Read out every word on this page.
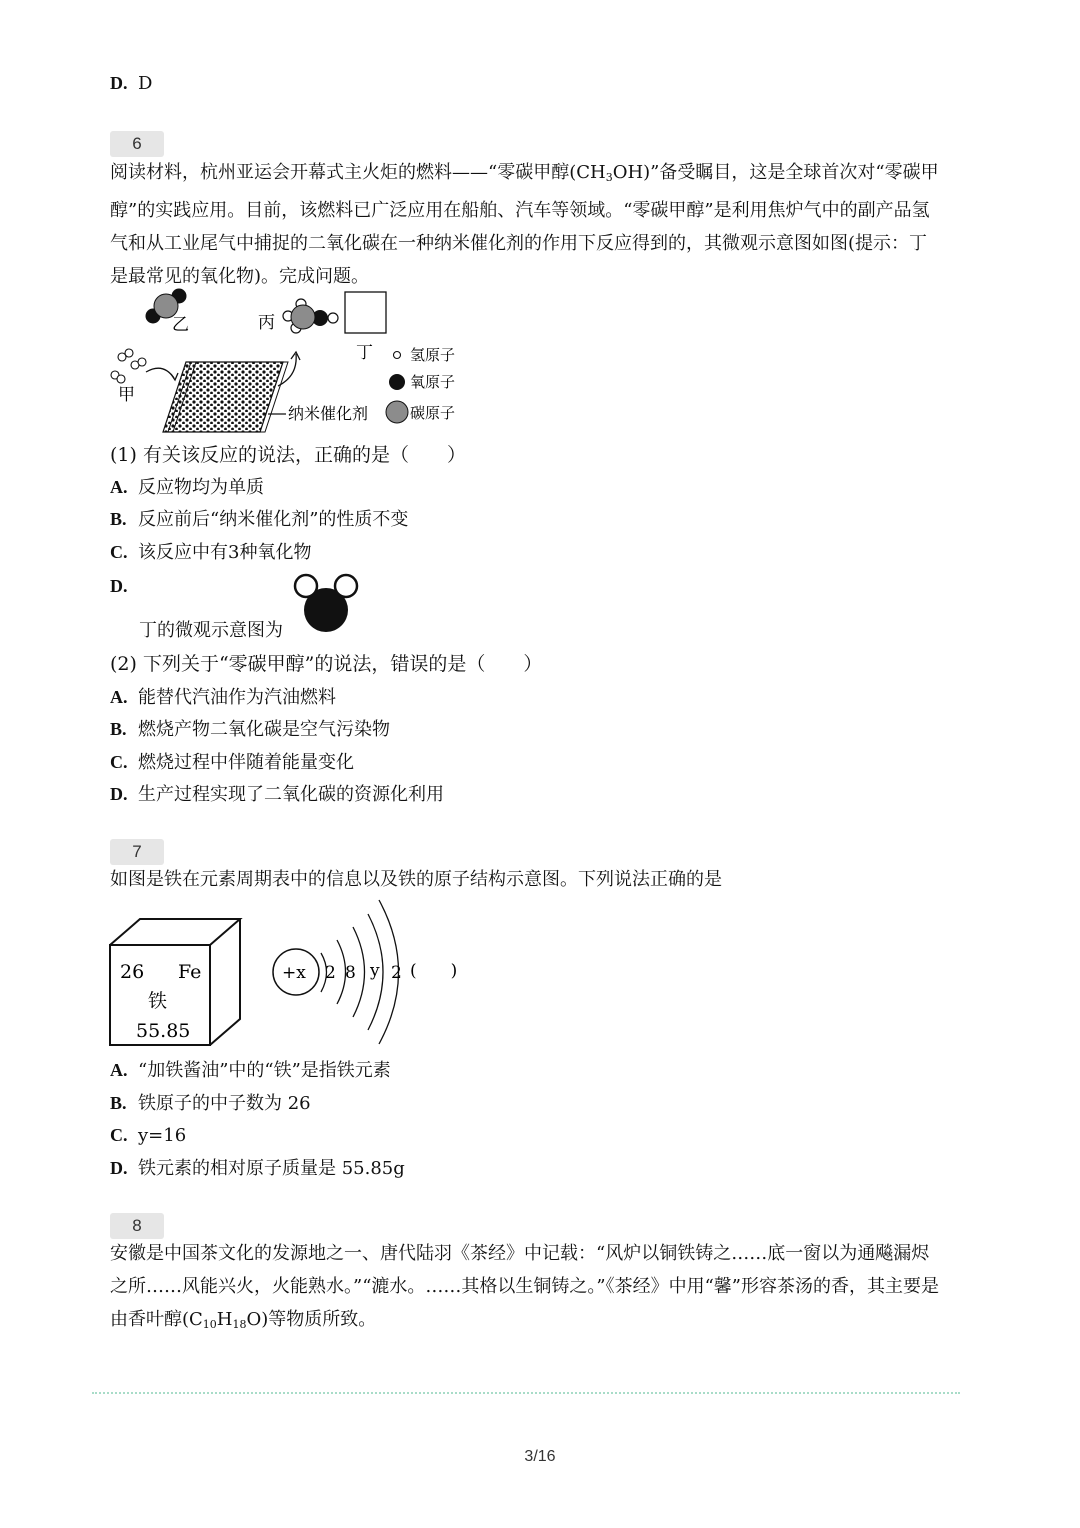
D. D
6
阅读材料，杭州亚运会开幕式主火炬的燃料——“零碳甲醇$(CH_3OH)$”备受瞩目，这是全球首次对“零碳甲醇”的实践应用。目前，该燃料已广泛应用在船舶、汽车等领域。“零碳甲醇”是利用焦炉气中的副产品氢气和从工业尾气中捕捉的二氧化碳在一种纳米催化剂的作用下反应得到的，其微观示意图如图(提示：丁是最常见的氧化物)。完成问题。
乙	丙
丁
甲
纳米催化剂
氢原子
氧原子
碳原子
(1) 有关该反应的说法，正确的是（　　）
A. 反应物均为单质
B. 反应前后“纳米催化剂”的性质不变
C. 该反应中有3种氧化物
D.
丁的微观示意图为
(2) 下列关于“零碳甲醇”的说法，错误的是（　　）
A. 能替代汽油作为汽油燃料
B. 燃烧产物二氧化碳是空气污染物
C. 燃烧过程中伴随着能量变化
D. 生产过程实现了二氧化碳的资源化利用
7
如图是铁在元素周期表中的信息以及铁的原子结构示意图。下列说法正确的是
26 Fe
铁
55.85
+x 2 8 y 2 (　　)
A. “加铁酱油”中的“铁”是指铁元素
B. 铁原子的中子数为 26
C. y=16
D. 铁元素的相对原子质量是 55.85g
8
安徽是中国茶文化的发源地之一、唐代陆羽《茶经》中记载：“风炉以铜铁铸之……底一窗以为通飚漏烬之所……风能兴火，火能熟水。”“漉水。……其格以生铜铸之。”《茶经》中用“馨”形容茶汤的香，其主要是由香叶醇$(C_{10}H_{18}O)$等物质所致。
3/16
